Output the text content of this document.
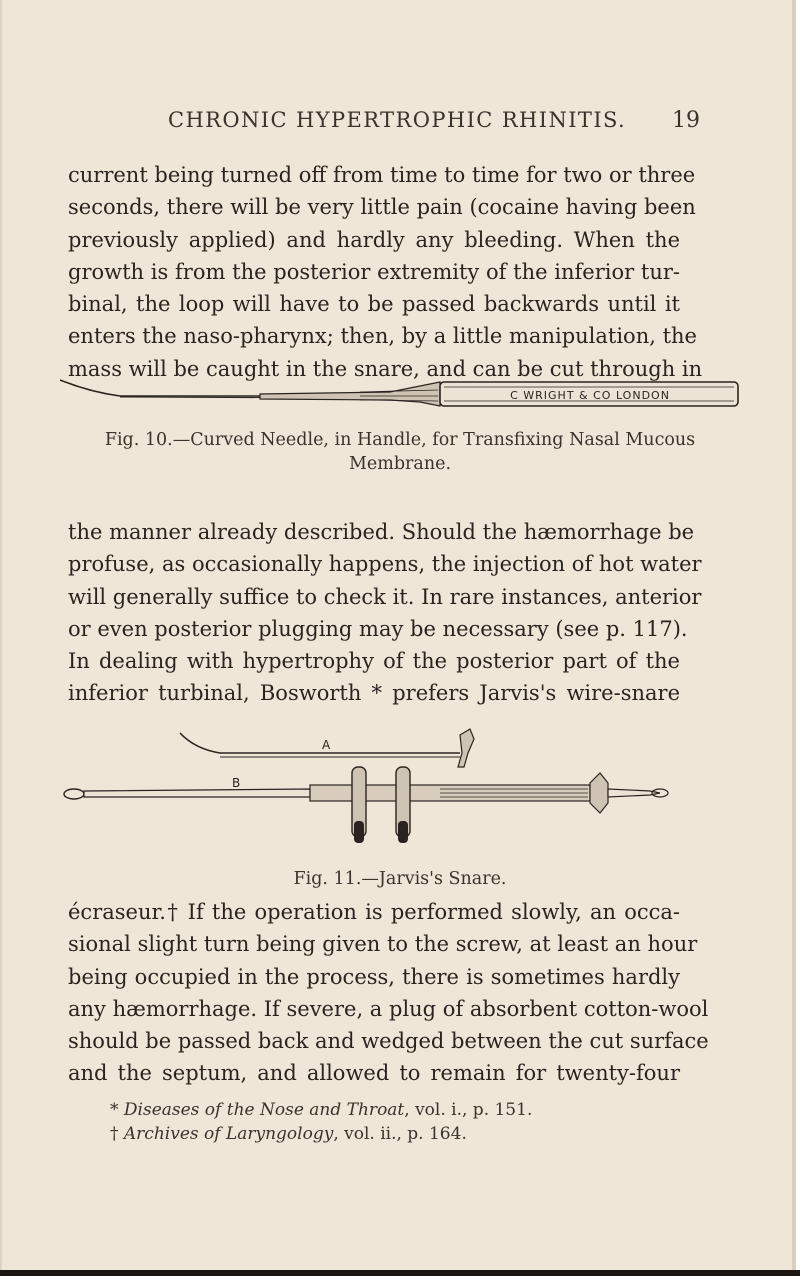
CHRONIC HYPERTROPHIC RHINITIS. 19
current being turned off from time to time for two or three
seconds, there will be very little pain (cocaine having been
previously applied) and hardly any bleeding. When the
growth is from the posterior extremity of the inferior tur-
binal, the loop will have to be passed backwards until it
enters the naso-pharynx; then, by a little manipulation, the
mass will be caught in the snare, and can be cut through in
C WRIGHT & CO LONDON
Fig. 10.—Curved Needle, in Handle, for Transfixing Nasal Mucous
Membrane.
the manner already described. Should the hæmorrhage be
profuse, as occasionally happens, the injection of hot water
will generally suffice to check it. In rare instances, anterior
or even posterior plugging may be necessary (see p. 117).
In dealing with hypertrophy of the posterior part of the
inferior turbinal, Bosworth * prefers Jarvis's wire-snare
A
B
Fig. 11.—Jarvis's Snare.
écraseur.† If the operation is performed slowly, an occa-
sional slight turn being given to the screw, at least an hour
being occupied in the process, there is sometimes hardly
any hæmorrhage. If severe, a plug of absorbent cotton-wool
should be passed back and wedged between the cut surface
and the septum, and allowed to remain for twenty-four
* Diseases of the Nose and Throat, vol. i., p. 151.
† Archives of Laryngology, vol. ii., p. 164.
